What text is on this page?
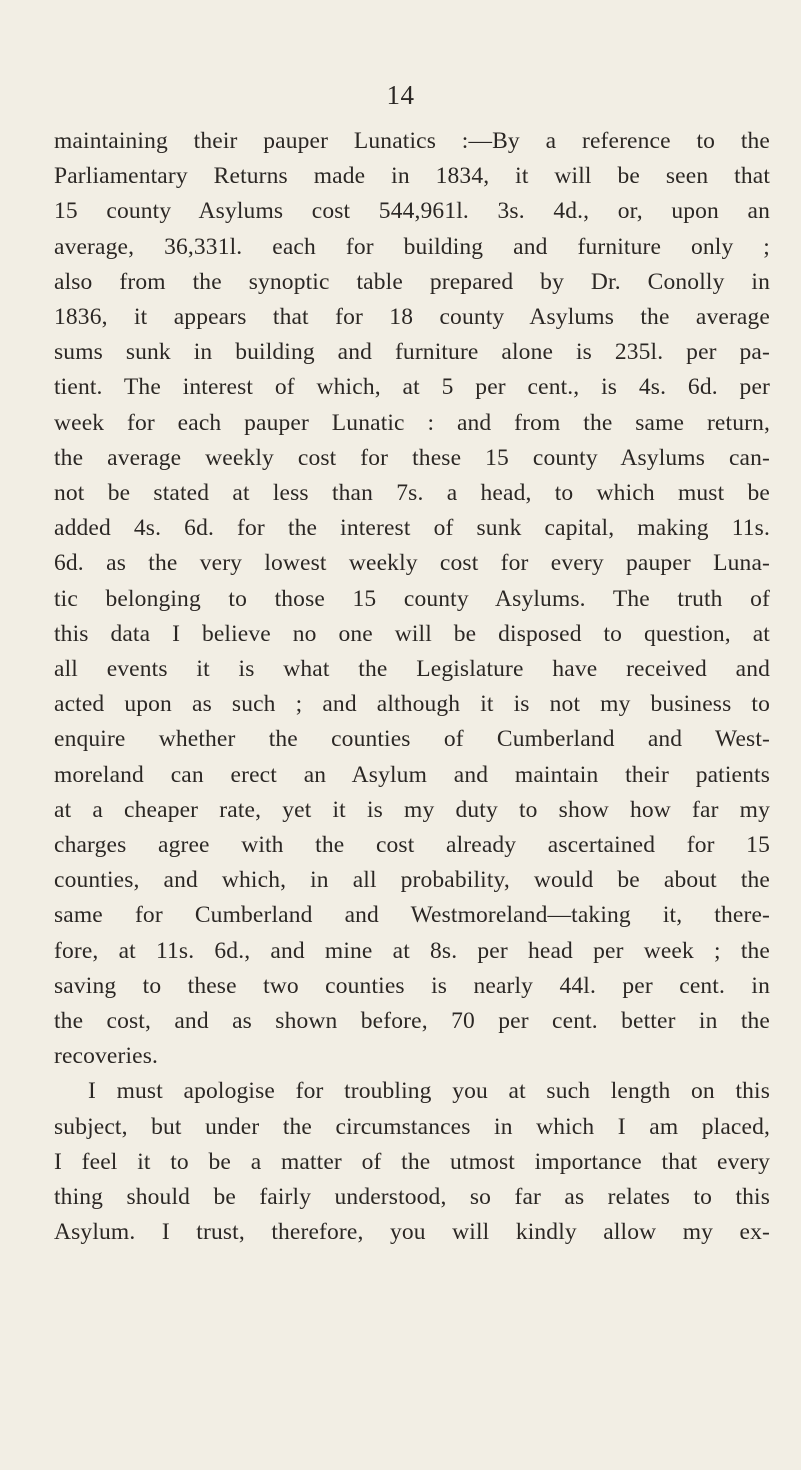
14
maintaining their pauper Lunatics :—By a reference to the
Parliamentary Returns made in 1834, it will be seen that
15 county Asylums cost 544,961l. 3s. 4d., or, upon an
average, 36,331l. each for building and furniture only ;
also from the synoptic table prepared by Dr. Conolly in
1836, it appears that for 18 county Asylums the average
sums sunk in building and furniture alone is 235l. per pa-
tient. The interest of which, at 5 per cent., is 4s. 6d. per
week for each pauper Lunatic : and from the same return,
the average weekly cost for these 15 county Asylums can-
not be stated at less than 7s. a head, to which must be
added 4s. 6d. for the interest of sunk capital, making 11s.
6d. as the very lowest weekly cost for every pauper Luna-
tic belonging to those 15 county Asylums. The truth of
this data I believe no one will be disposed to question, at
all events it is what the Legislature have received and
acted upon as such ; and although it is not my business to
enquire whether the counties of Cumberland and West-
moreland can erect an Asylum and maintain their patients
at a cheaper rate, yet it is my duty to show how far my
charges agree with the cost already ascertained for 15
counties, and which, in all probability, would be about the
same for Cumberland and Westmoreland—taking it, there-
fore, at 11s. 6d., and mine at 8s. per head per week ; the
saving to these two counties is nearly 44l. per cent. in
the cost, and as shown before, 70 per cent. better in the
recoveries.
I must apologise for troubling you at such length on this
subject, but under the circumstances in which I am placed,
I feel it to be a matter of the utmost importance that every
thing should be fairly understood, so far as relates to this
Asylum. I trust, therefore, you will kindly allow my ex-
